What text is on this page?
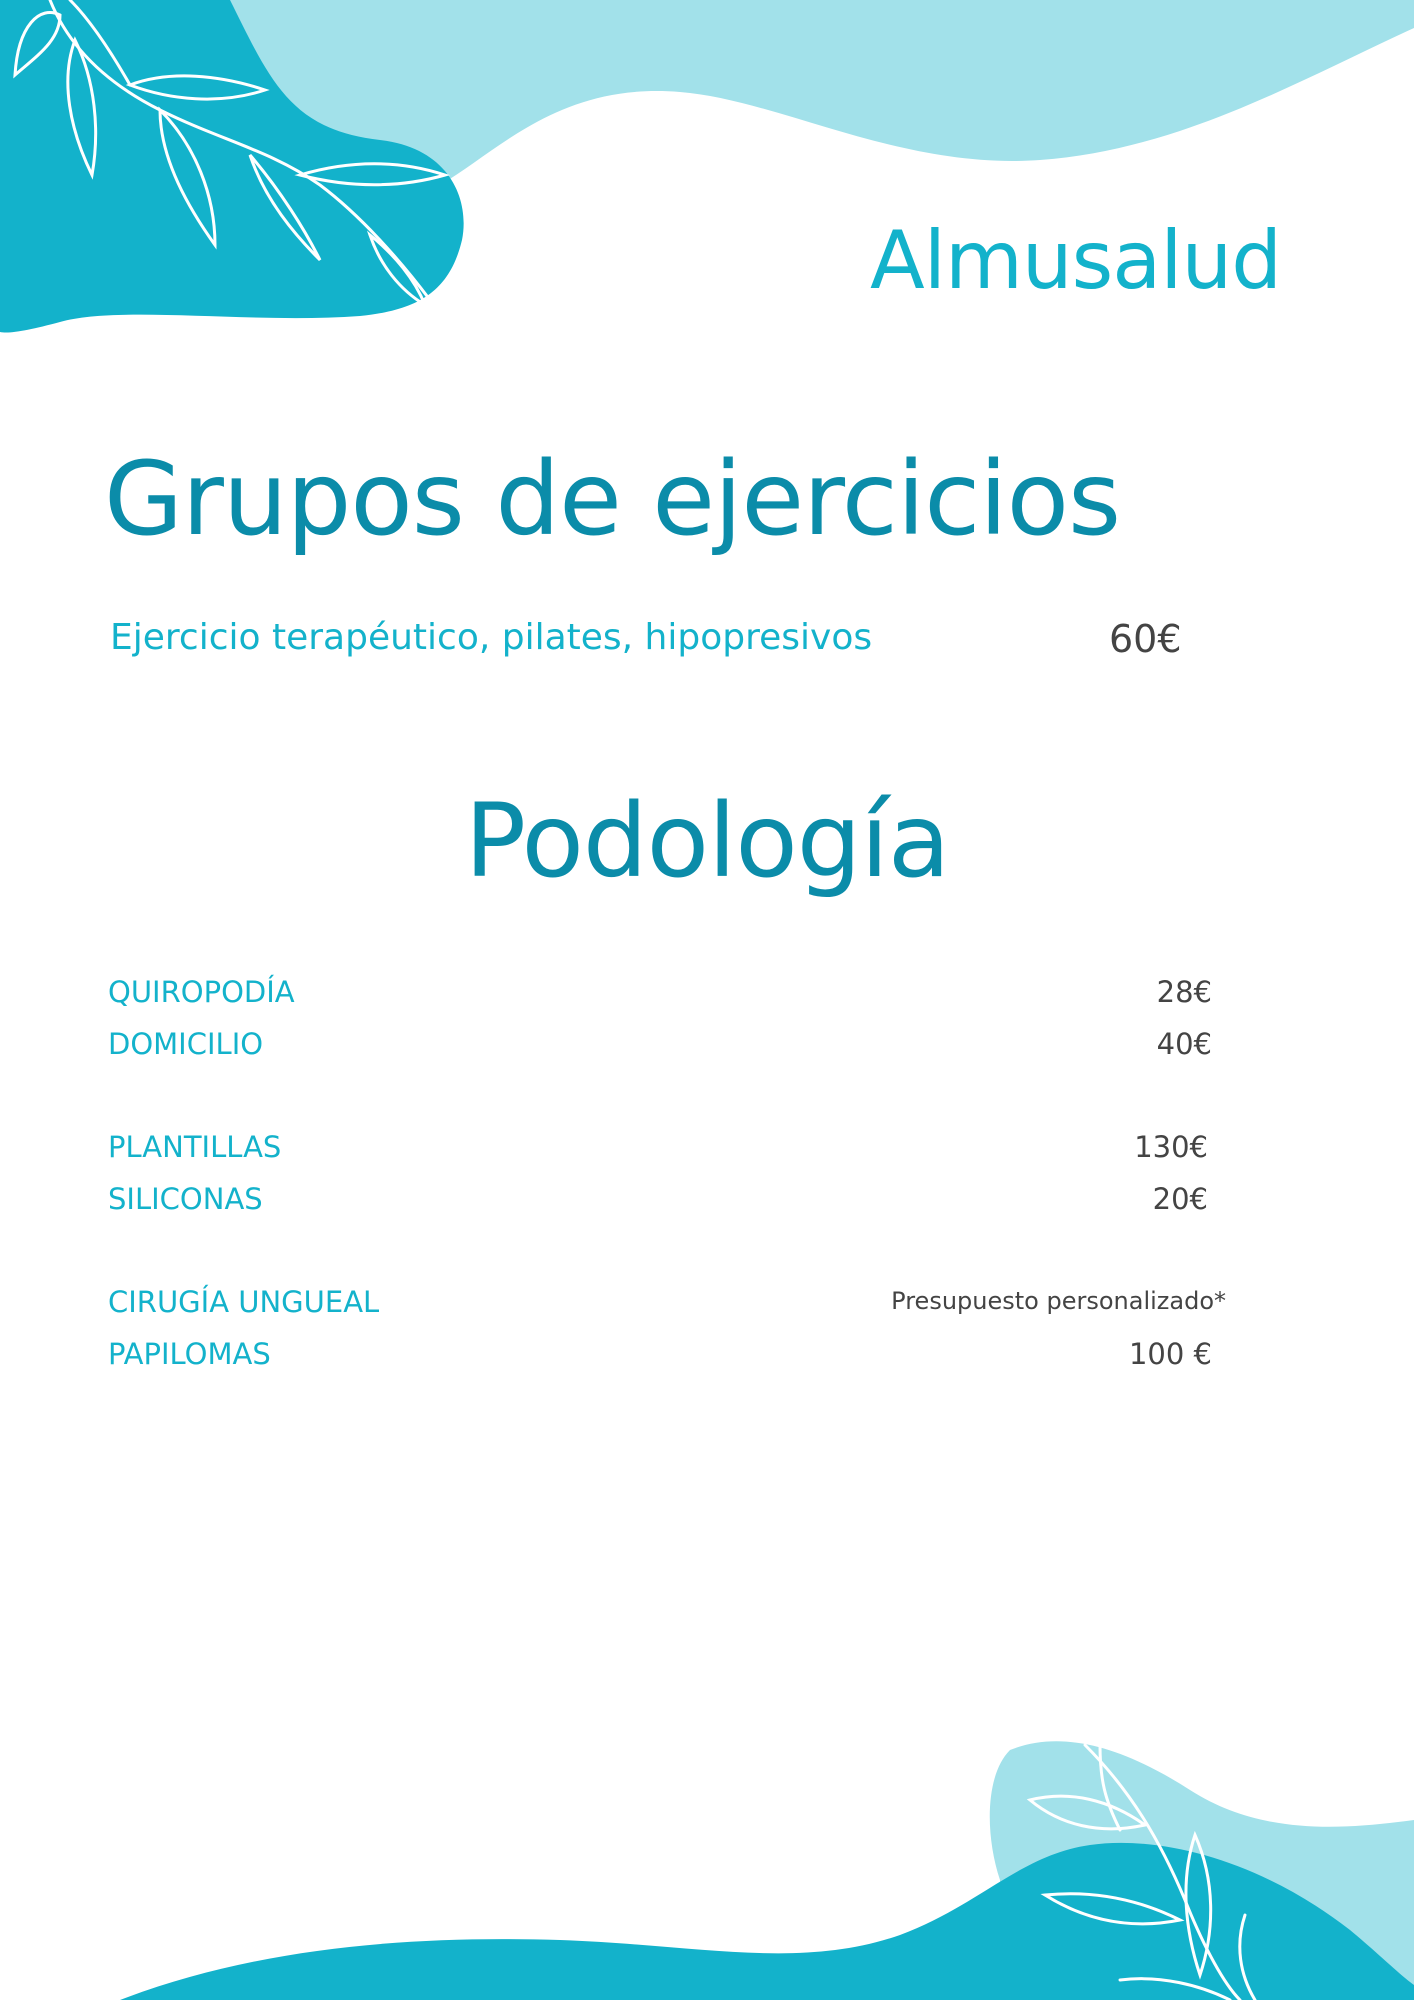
Almusalud
Grupos de ejercicios
Ejercicio terapéutico, pilates, hipopresivos	60€
Podología
QUIROPODÍA	28€
DOMICILIO	40€
PLANTILLAS	130€
SILICONAS	20€
CIRUGÍA UNGUEAL	Presupuesto personalizado*
PAPILOMAS	100 €
